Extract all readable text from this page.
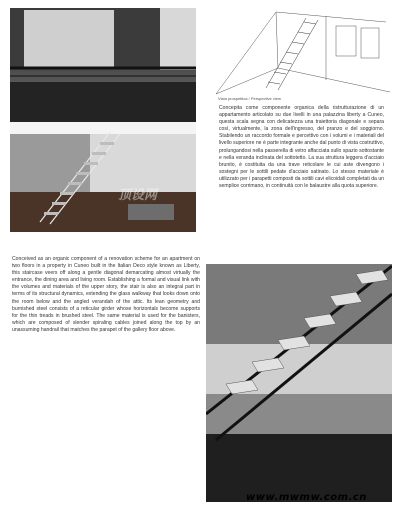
Vista prospettica / Perspective view

Concepita come componente organica della ristrutturazione di un appartamento articolato su due livelli in una palazzina liberty a Cuneo, questa scala segna con delicatezza una traiettoria diagonale e separa così, virtualmente, la zona dell'ingresso, del pranzo e del soggiorno. Stabilendo un raccordo formale e percettivo con i volumi e i materiali del livello superiore ne è parte integrante anche dal punto di vista costruttivo, prolungandosi nella passerella di vetro affacciata sullo spazio sottostante e nella veranda inclinata del sottotetto. La sua struttura leggera d'acciaio brunito, è costituita da una trave reticolare le cui aste divengono i sostegni per le sottili pedate d'acciaio satinato. Lo stesso materiale è utilizzato per i parapetti composti da sottili cavi elicoidali completati da un semplice corrimano, in continuità con le balaustre alla quota superiore.

Conceived as an organic component of a renovation scheme for an apartment on two floors in a property in Cuneo built in the Italian Deco style known as Liberty, this staircase veers off along a gentle diagonal demarcating almost virtually the entrance, the dining area and living room. Establishing a formal and visual link with the volumes and materials of the upper story, the stair is also an integral part in terms of its structural dynamics, extending the glass walkway that looks down onto the room below and the angled verandah of the attic. Its lean geometry and burnished steel consists of a reticular girder whose horizontals become supports for the thin treads in brushed steel. The same material is used for the banisters, which are composed of slender spiraling cables joined along the top by an unassuming handrail that matches the parapet of the gallery floor above.

顶设网
www.mwmw.com.cn
